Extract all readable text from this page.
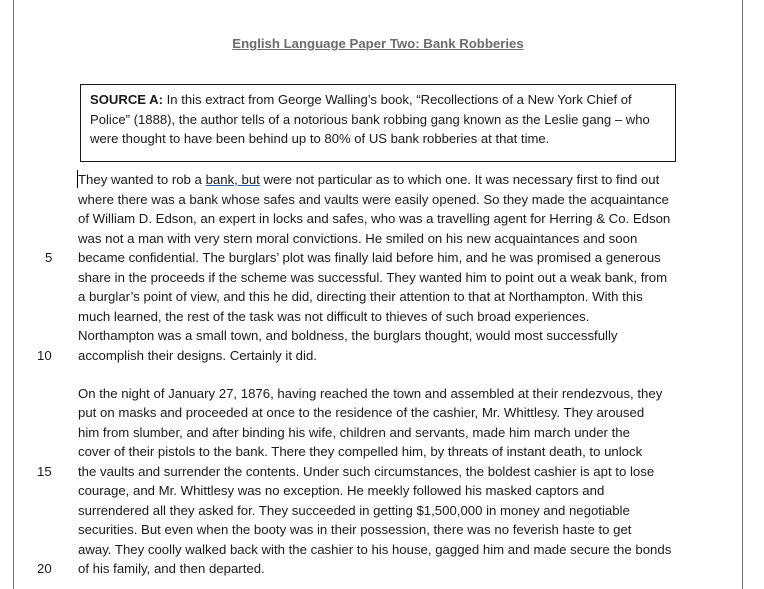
English Language Paper Two: Bank Robberies
SOURCE A: In this extract from George Walling’s book, “Recollections of a New York Chief of
Police” (1888), the author tells of a notorious bank robbing gang known as the Leslie gang – who
were thought to have been behind up to 80% of US bank robberies at that time.
They wanted to rob a bank, but were not particular as to which one. It was necessary first to find out
where there was a bank whose safes and vaults were easily opened. So they made the acquaintance
of William D. Edson, an expert in locks and safes, who was a travelling agent for Herring & Co. Edson
was not a man with very stern moral convictions. He smiled on his new acquaintances and soon
became confidential. The burglars’ plot was finally laid before him, and he was promised a generous
share in the proceeds if the scheme was successful. They wanted him to point out a weak bank, from
a burglar’s point of view, and this he did, directing their attention to that at Northampton. With this
much learned, the rest of the task was not difficult to thieves of such broad experiences.
Northampton was a small town, and boldness, the burglars thought, would most successfully
accomplish their designs. Certainly it did.
On the night of January 27, 1876, having reached the town and assembled at their rendezvous, they
put on masks and proceeded at once to the residence of the cashier, Mr. Whittlesy. They aroused
him from slumber, and after binding his wife, children and servants, made him march under the
cover of their pistols to the bank. There they compelled him, by threats of instant death, to unlock
the vaults and surrender the contents. Under such circumstances, the boldest cashier is apt to lose
courage, and Mr. Whittlesy was no exception. He meekly followed his masked captors and
surrendered all they asked for. They succeeded in getting $1,500,000 in money and negotiable
securities. But even when the booty was in their possession, there was no feverish haste to get
away. They coolly walked back with the cashier to his house, gagged him and made secure the bonds
of his family, and then departed.
5
10
15
20
